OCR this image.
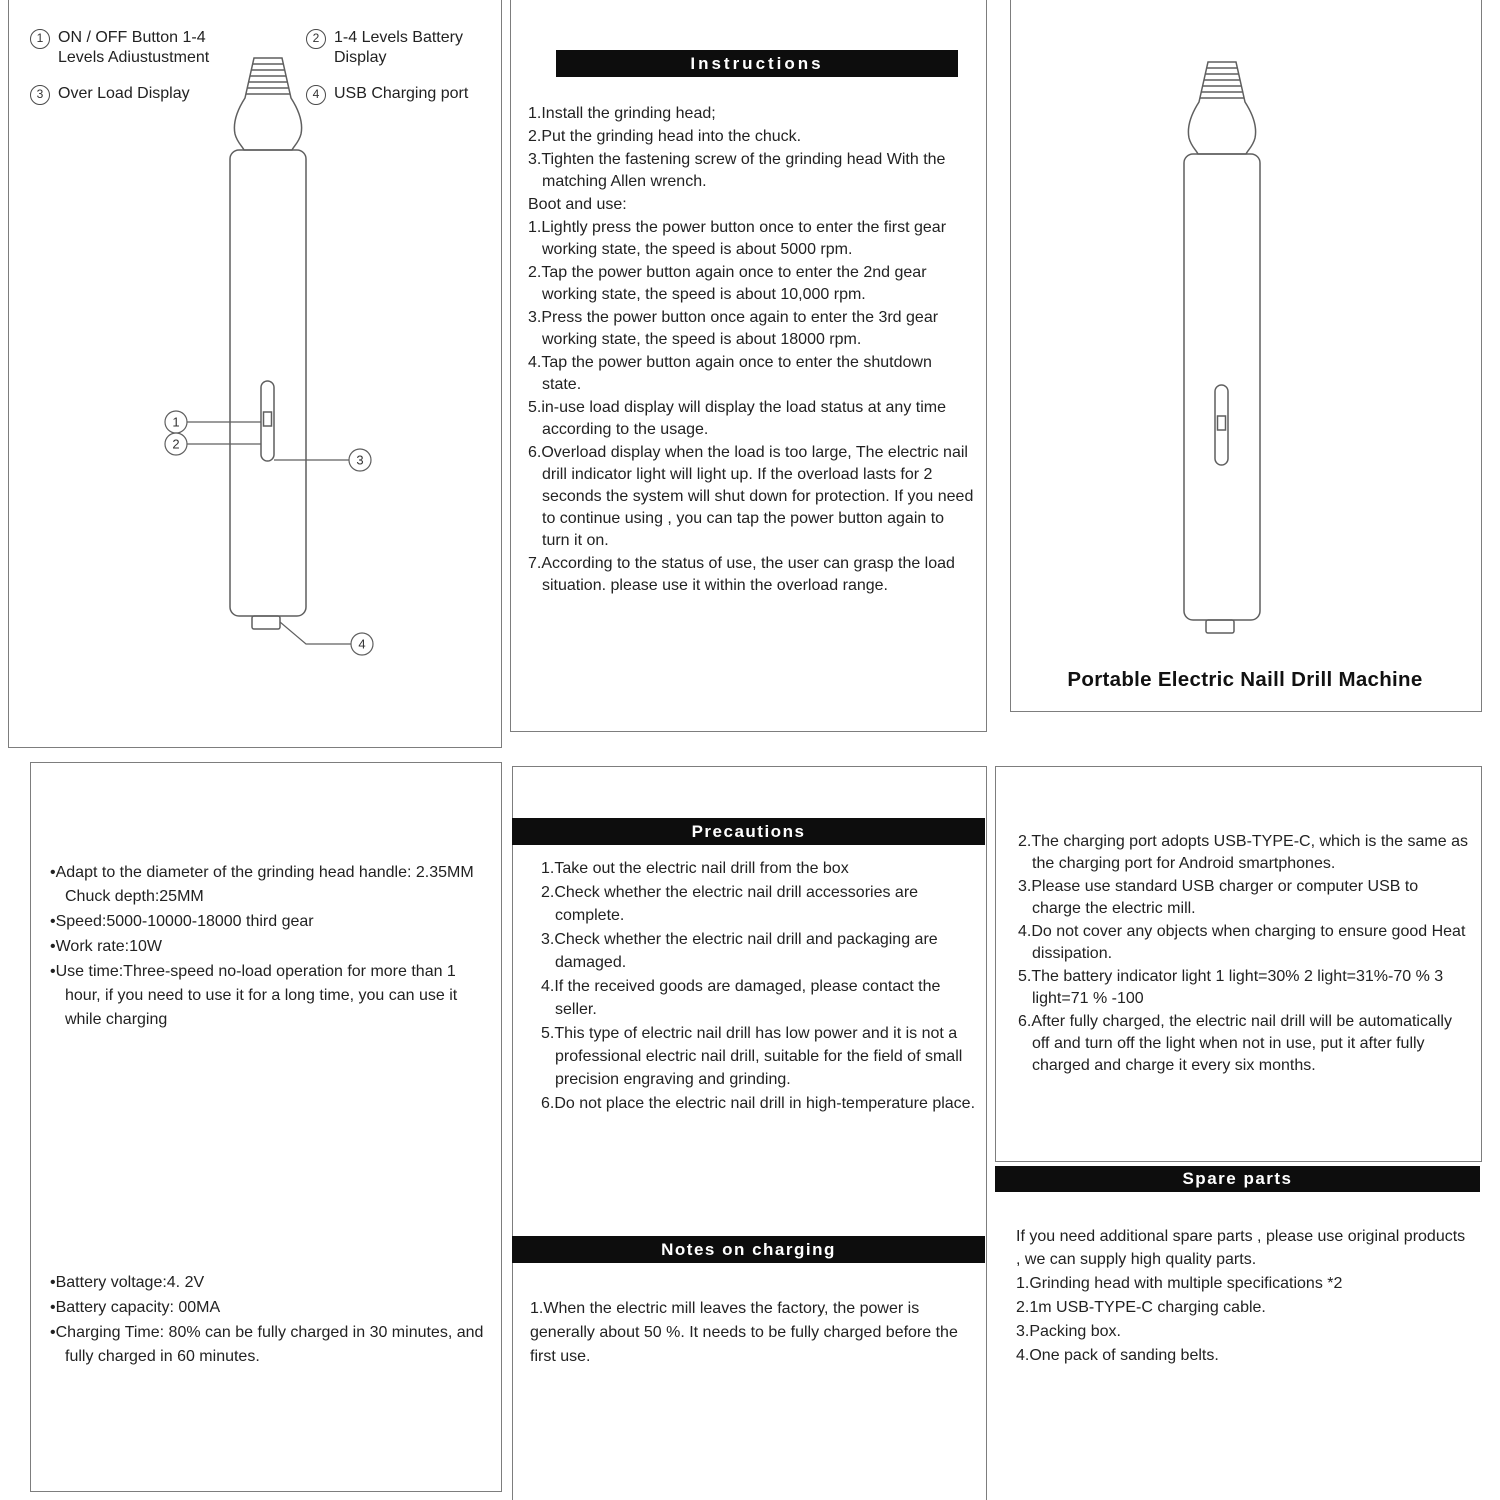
1 ON / OFF Button 1-4 Levels Adiustustment
2 1-4 Levels Battery Display
3 Over Load Display	4 USB Charging port
1
2
3
4
Instructions

1.Install the grinding head;

2.Put the grinding head into the chuck.

3.Tighten the fastening screw of the grinding head With the matching Allen wrench.

Boot and use:

1.Lightly press the power button once to enter the first gear working state, the speed is about 5000 rpm.

2.Tap the power button again once to enter the 2nd gear working state, the speed is about 10,000 rpm.

3.Press the power button once again to enter the 3rd gear working state, the speed is about 18000 rpm.

4.Tap the power button again once to enter the shutdown state.

5.in-use load display will display the load status at any time according to the usage.

6.Overload display when the load is too large, The electric nail drill indicator light will light up. If the overload lasts for 2 seconds the system will shut down for protection. If you need to continue using , you can tap the power button again to turn it on.

7.According to the status of use, the user can grasp the load situation. please use it within the overload range.

Portable Electric Naill Drill Machine

• Adapt to the diameter of the grinding head handle: 2.35MM Chuck depth:25MM

• Speed:5000-10000-18000 third gear

• Work rate:10W

• Use time:Three-speed no-load operation for more than 1 hour, if you need to use it for a long time, you can use it while charging

• Battery voltage:4. 2V

• Battery capacity: 00MA

• Charging Time: 80% can be fully charged in 30 minutes, and fully charged in 60 minutes.

Precautions

1.Take out the electric nail drill from the box

2.Check whether the electric nail drill accessories are complete.

3.Check whether the electric nail drill and packaging are damaged.

4.If the received goods are damaged, please contact the seller.

5.This type of electric nail drill has low power and it is not a professional electric nail drill, suitable for the field of small precision engraving and grinding.

6.Do not place the electric nail drill in high-temperature place.

Notes on charging

1.When the electric mill leaves the factory, the power is generally about 50 %. It needs to be fully charged before the first use.

2.The charging port adopts USB-TYPE-C, which is the same as the charging port for Android smartphones.

3.Please use standard USB charger or computer USB to charge the electric mill.

4.Do not cover any objects when charging to ensure good Heat dissipation.

5.The battery indicator light 1 light=30% 2 light=31%-70 % 3 light=71 % -100

6.After fully charged, the electric nail drill will be automatically off and turn off the light when not in use, put it after fully charged and charge it every six months.

Spare parts

If you need additional spare parts , please use original products , we can supply high quality parts.

1.Grinding head with multiple specifications *2

2.1m USB-TYPE-C charging cable.

3.Packing box.

4.One pack of sanding belts.
